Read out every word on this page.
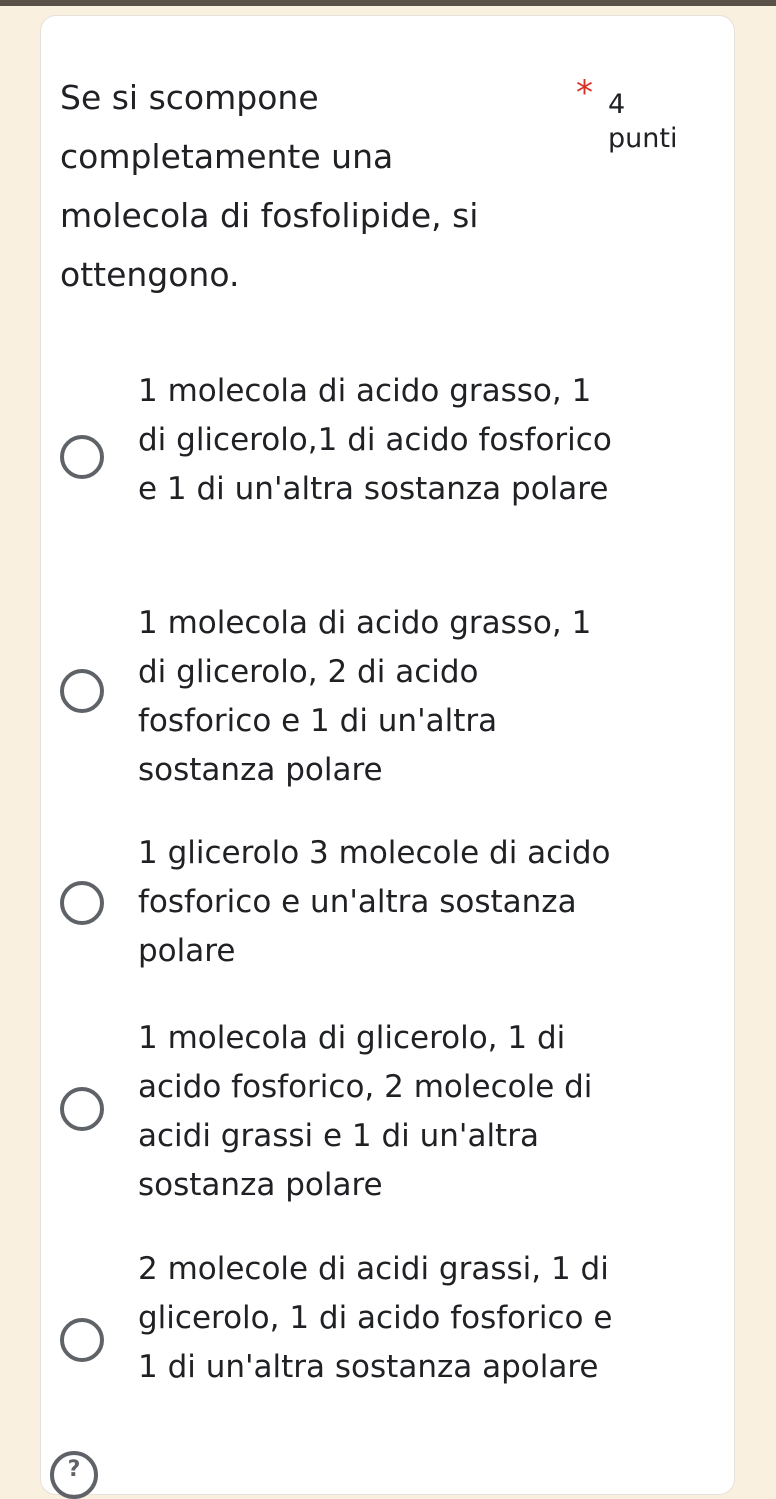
Se si scompone completamente una molecola di fosfolipide, si ottengono.
* 4 punti
1 molecola di acido grasso, 1 di glicerolo,1 di acido fosforico e 1 di un'altra sostanza polare
1 molecola di acido grasso, 1 di glicerolo, 2 di acido fosforico e 1 di un'altra sostanza polare
1 glicerolo 3 molecole di acido fosforico e un'altra sostanza polare
1 molecola di glicerolo, 1 di acido fosforico, 2 molecole di acidi grassi e 1 di un'altra sostanza polare
2 molecole di acidi grassi, 1 di glicerolo, 1 di acido fosforico e 1 di un'altra sostanza apolare
?
